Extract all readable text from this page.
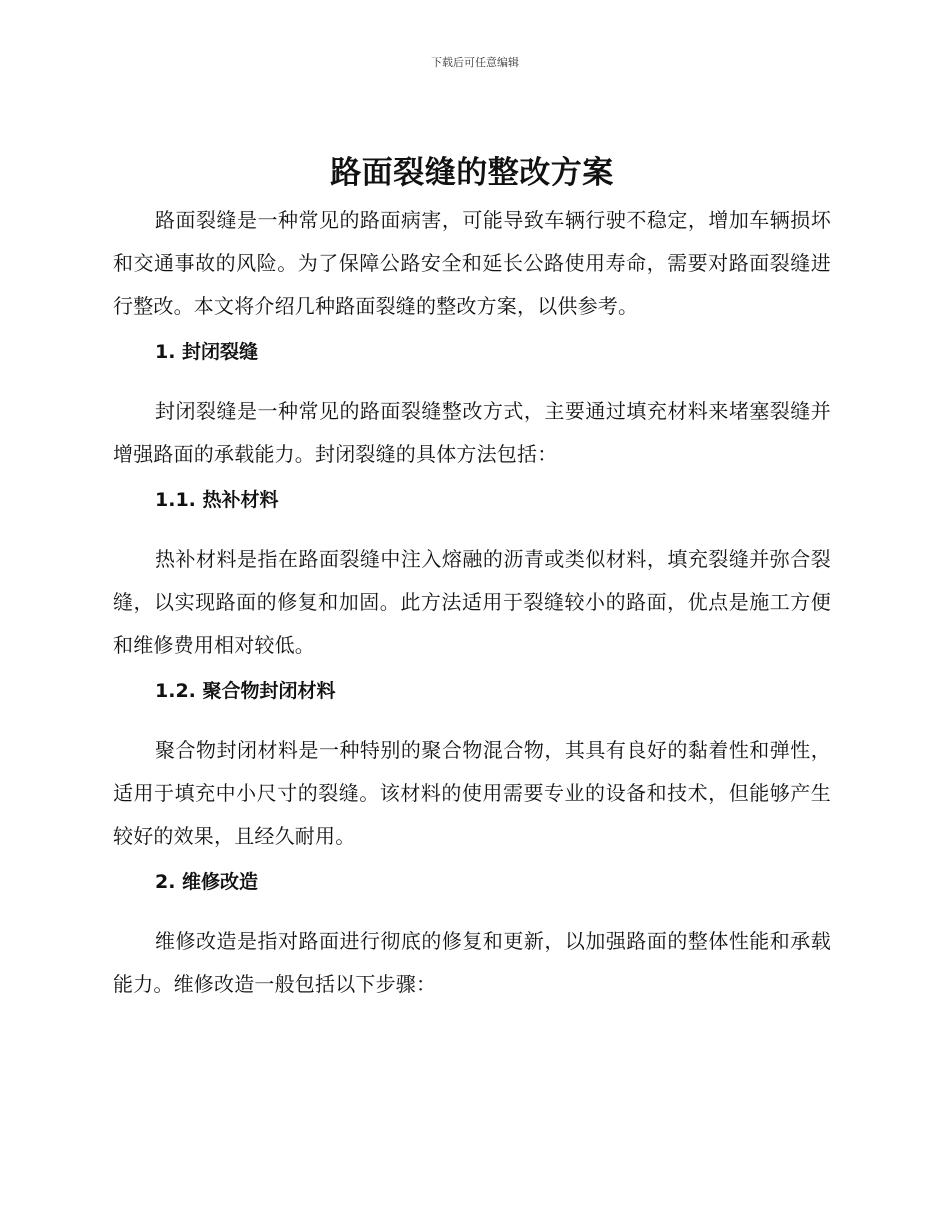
下载后可任意编辑
路面裂缝的整改方案

路面裂缝是一种常见的路面病害，可能导致车辆行驶不稳定，增加车辆损坏和交通事故的风险。为了保障公路安全和延长公路使用寿命，需要对路面裂缝进行整改。本文将介绍几种路面裂缝的整改方案，以供参考。

1. 封闭裂缝

封闭裂缝是一种常见的路面裂缝整改方式，主要通过填充材料来堵塞裂缝并增强路面的承载能力。封闭裂缝的具体方法包括：

1.1. 热补材料

热补材料是指在路面裂缝中注入熔融的沥青或类似材料，填充裂缝并弥合裂缝，以实现路面的修复和加固。此方法适用于裂缝较小的路面，优点是施工方便和维修费用相对较低。

1.2. 聚合物封闭材料

聚合物封闭材料是一种特别的聚合物混合物，其具有良好的黏着性和弹性，适用于填充中小尺寸的裂缝。该材料的使用需要专业的设备和技术，但能够产生较好的效果，且经久耐用。

2. 维修改造

维修改造是指对路面进行彻底的修复和更新，以加强路面的整体性能和承载能力。维修改造一般包括以下步骤：
